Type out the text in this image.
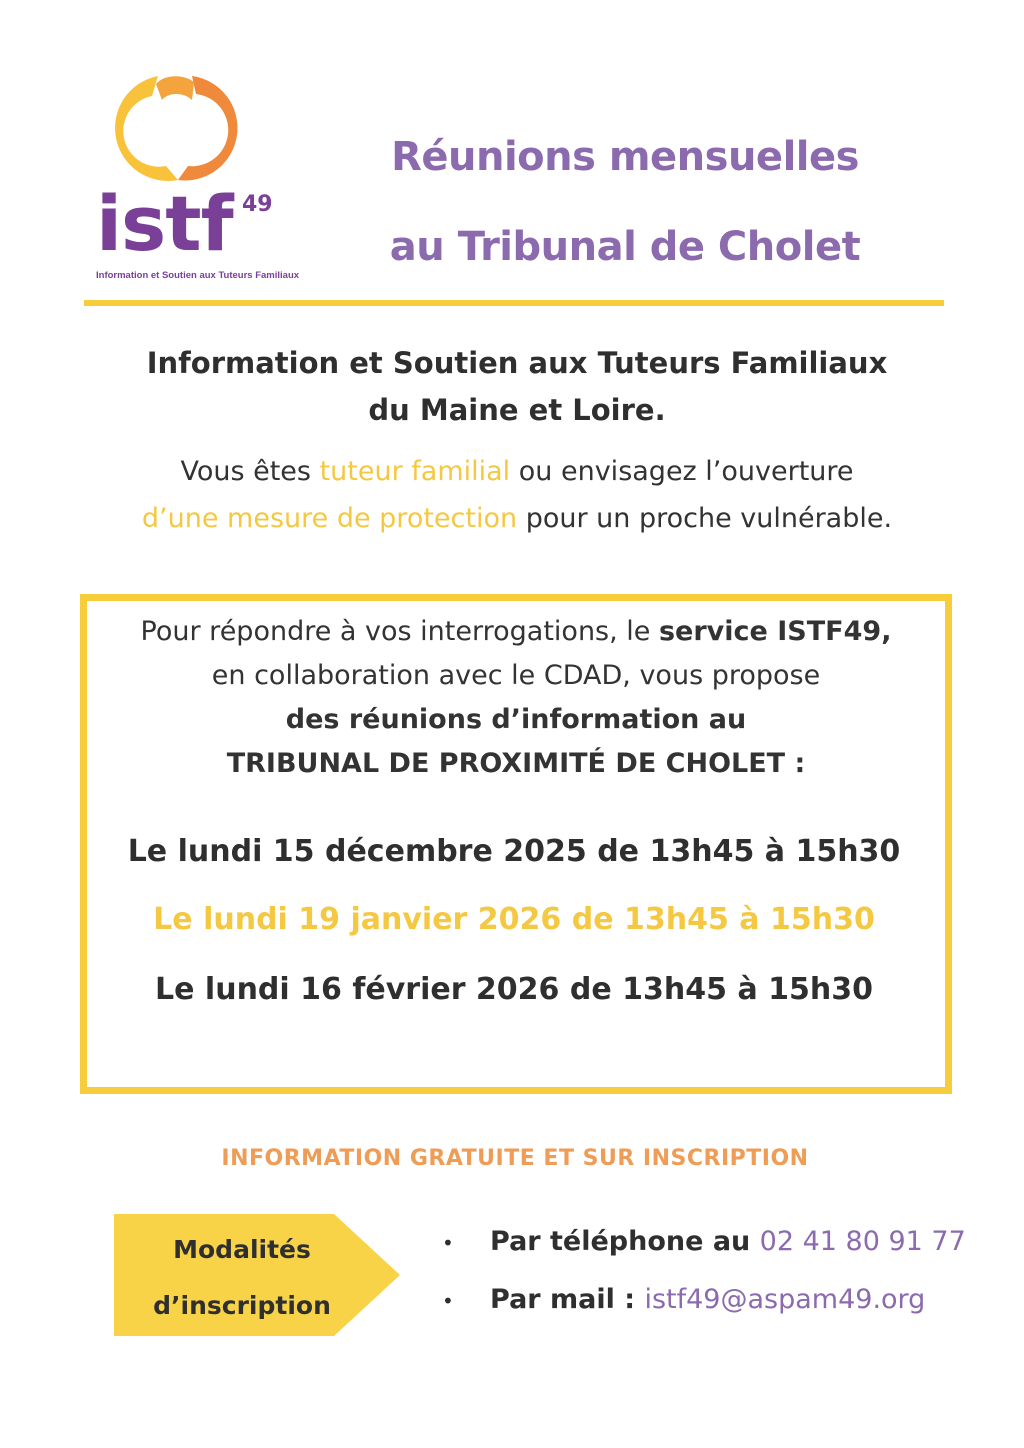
istf 49
Information et Soutien aux Tuteurs Familiaux
Réunions mensuelles
au Tribunal de Cholet
Information et Soutien aux Tuteurs Familiaux
du Maine et Loire.
Vous êtes tuteur familial ou envisagez l’ouverture
d’une mesure de protection pour un proche vulnérable.
Pour répondre à vos interrogations, le service ISTF49,
en collaboration avec le CDAD, vous propose
des réunions d’information au
TRIBUNAL DE PROXIMITÉ DE CHOLET :
Le lundi 15 décembre 2025 de 13h45 à 15h30
Le lundi 19 janvier 2026 de 13h45 à 15h30
Le lundi 16 février 2026 de 13h45 à 15h30
INFORMATION GRATUITE ET SUR INSCRIPTION
Modalités
d’inscription
• Par téléphone au 02 41 80 91 77
• Par mail : istf49@aspam49.org
